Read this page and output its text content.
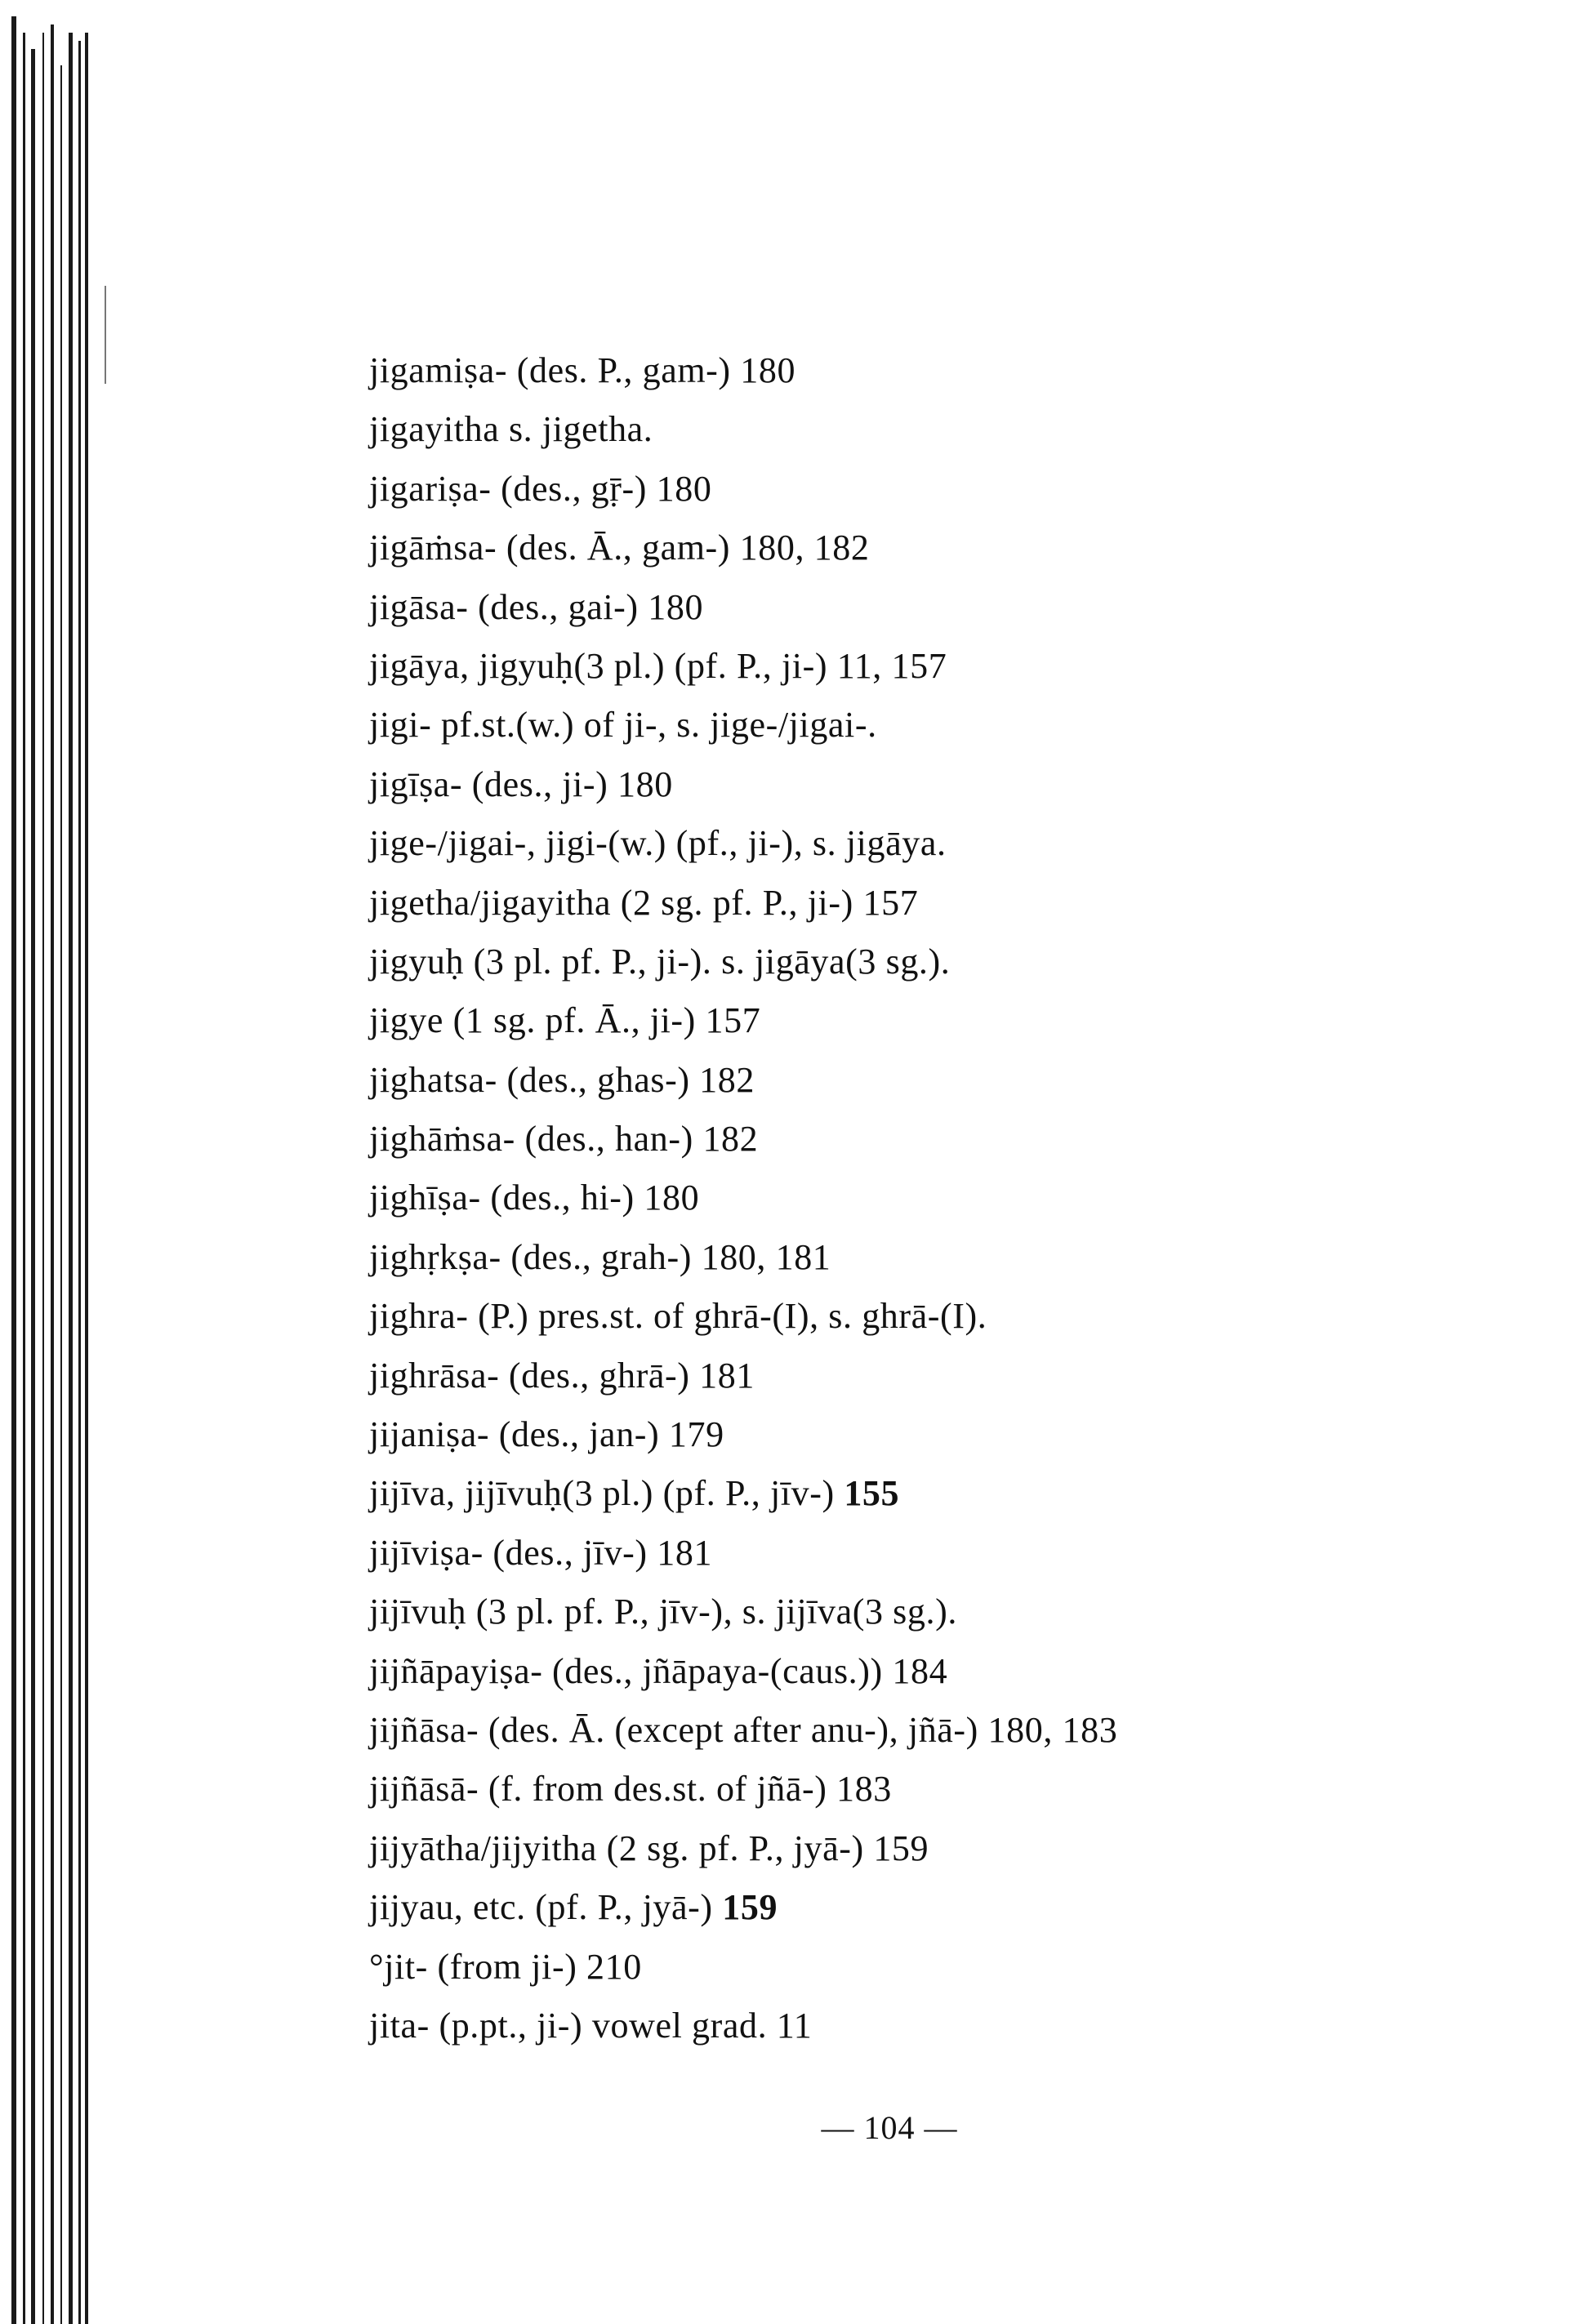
jigamiṣa- (des. P., gam-) 180
jigayitha s. jigetha.
jigariṣa- (des., gṝ-) 180
jigāṁsa- (des. Ā., gam-) 180, 182
jigāsa- (des., gai-) 180
jigāya, jigyuḥ(3 pl.) (pf. P., ji-) 11, 157
jigi- pf.st.(w.) of ji-, s. jige-/jigai-.
jigīṣa- (des., ji-) 180
jige-/jigai-, jigi-(w.) (pf., ji-), s. jigāya.
jigetha/jigayitha (2 sg. pf. P., ji-) 157
jigyuḥ (3 pl. pf. P., ji-). s. jigāya(3 sg.).
jigye (1 sg. pf. Ā., ji-) 157
jighatsa- (des., ghas-) 182
jighāṁsa- (des., han-) 182
jighīṣa- (des., hi-) 180
jighṛkṣa- (des., grah-) 180, 181
jighra- (P.) pres.st. of ghrā-(I), s. ghrā-(I).
jighrāsa- (des., ghrā-) 181
jijaniṣa- (des., jan-) 179
jijīva, jijīvuḥ(3 pl.) (pf. P., jīv-) 155
jijīviṣa- (des., jīv-) 181
jijīvuḥ (3 pl. pf. P., jīv-), s. jijīva(3 sg.).
jijñāpayiṣa- (des., jñāpaya-(caus.)) 184
jijñāsa- (des. Ā. (except after anu-), jñā-) 180, 183
jijñāsā- (f. from des.st. of jñā-) 183
jijyātha/jijyitha (2 sg. pf. P., jyā-) 159
jijyau, etc. (pf. P., jyā-) 159
°jit- (from ji-) 210
jita- (p.pt., ji-) vowel grad. 11
— 104 —
